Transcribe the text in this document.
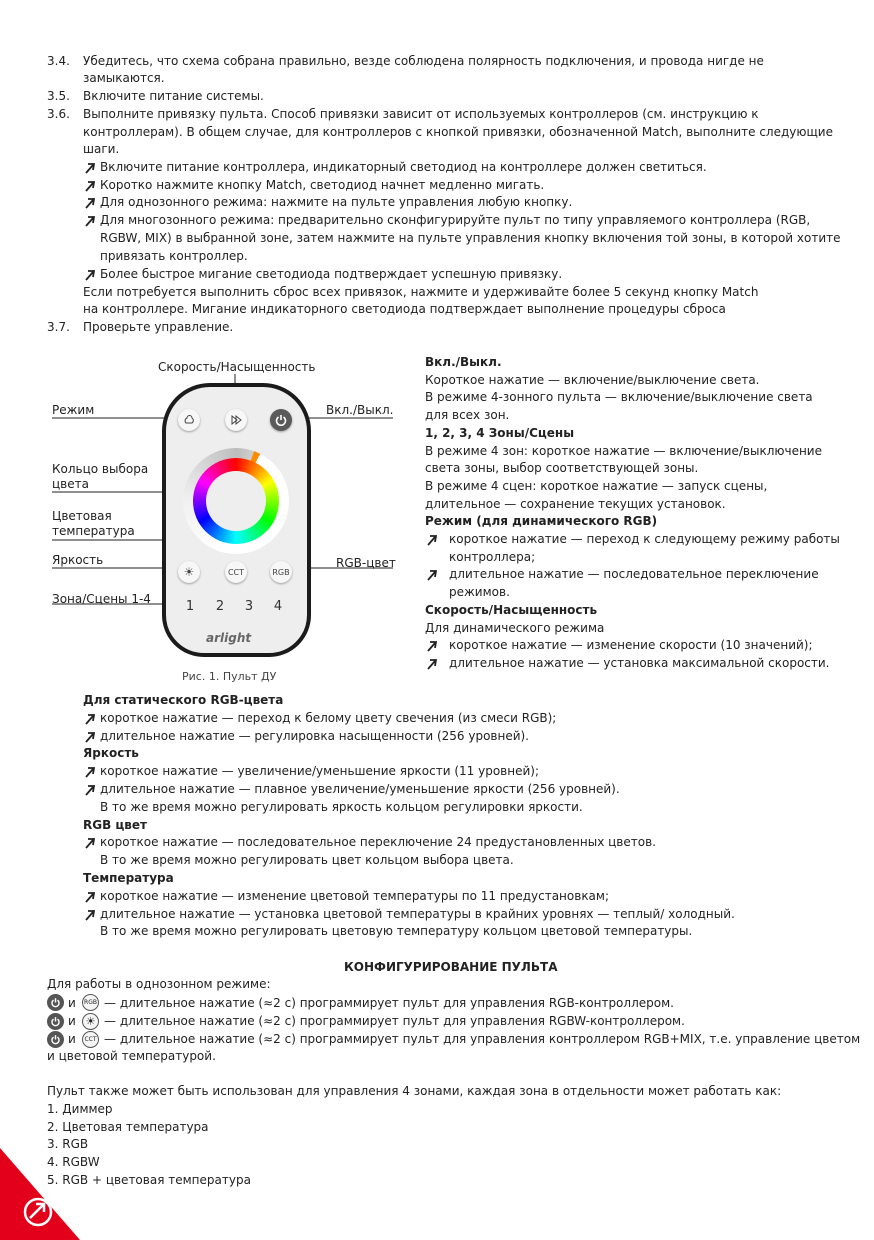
3.4. Убедитесь, что схема собрана правильно, везде соблюдена полярность подключения, и провода нигде не
замыкаются.
3.5. Включите питание системы.
3.6. Выполните привязку пульта. Способ привязки зависит от используемых контроллеров (см. инструкцию к
контроллерам). В общем случае, для контроллеров с кнопкой привязки, обозначенной Match, выполните следующие
шаги.
Включите питание контроллера, индикаторный светодиод на контроллере должен светиться.
Коротко нажмите кнопку Match, светодиод начнет медленно мигать.
Для однозонного режима: нажмите на пульте управления любую кнопку.
Для многозонного режима: предварительно сконфигурируйте пульт по типу управляемого контроллера (RGB,
RGBW, MIX) в выбранной зоне, затем нажмите на пульте управления кнопку включения той зоны, в которой хотите
привязать контроллер.
Более быстрое мигание светодиода подтверждает успешную привязку.
Если потребуется выполнить сброс всех привязок, нажмите и удерживайте более 5 секунд кнопку Match
на контроллере. Мигание индикаторного светодиода подтверждает выполнение процедуры сброса
3.7. Проверьте управление.
Скорость/Насыщенность
Режим	Вкл./Выкл.
Кольцо выбора
цвета
Цветовая
температура
Яркость	RGB-цвет
Зона/Сцены 1-4
☀	CCT	RGB
1 2 3 4
arlight
Рис. 1. Пульт ДУ
Вкл./Выкл.
Короткое нажатие — включение/выключение света.
В режиме 4-зонного пульта — включение/выключение света
для всех зон.
1, 2, 3, 4 Зоны/Сцены
В режиме 4 зон: короткое нажатие — включение/выключение
света зоны, выбор соответствующей зоны.
В режиме 4 сцен: короткое нажатие — запуск сцены,
длительное — сохранение текущих установок.
Режим (для динамического RGB)
короткое нажатие — переход к следующему режиму работы
контроллера;
длительное нажатие — последовательное переключение
режимов.
Скорость/Насыщенность
Для динамического режима
короткое нажатие — изменение скорости (10 значений);
длительное нажатие — установка максимальной скорости.
Для статического RGB-цвета
короткое нажатие — переход к белому цвету свечения (из смеси RGB);
длительное нажатие — регулировка насыщенности (256 уровней).
Яркость
короткое нажатие — увеличение/уменьшение яркости (11 уровней);
длительное нажатие — плавное увеличение/уменьшение яркости (256 уровней).
В то же время можно регулировать яркость кольцом регулировки яркости.
RGB цвет
короткое нажатие — последовательное переключение 24 предустановленных цветов.
В то же время можно регулировать цвет кольцом выбора цвета.
Температура
короткое нажатие — изменение цветовой температуры по 11 предустановкам;
длительное нажатие — установка цветовой температуры в крайних уровнях — теплый/ холодный.
В то же время можно регулировать цветовую температуру кольцом цветовой температуры.
КОНФИГУРИРОВАНИЕ ПУЛЬТА
Для работы в однозонном режиме:
и RGB — длительное нажатие (≈2 с) программирует пульт для управления RGB-контроллером.
и ☀ — длительное нажатие (≈2 с) программирует пульт для управления RGBW-контроллером.
и CCT — длительное нажатие (≈2 с) программирует пульт для управления контроллером RGB+MIX, т.е. управление цветом
и цветовой температурой.
Пульт также может быть использован для управления 4 зонами, каждая зона в отдельности может работать как:
1. Диммер
2. Цветовая температура
3. RGB
4. RGBW
5. RGB + цветовая температура
